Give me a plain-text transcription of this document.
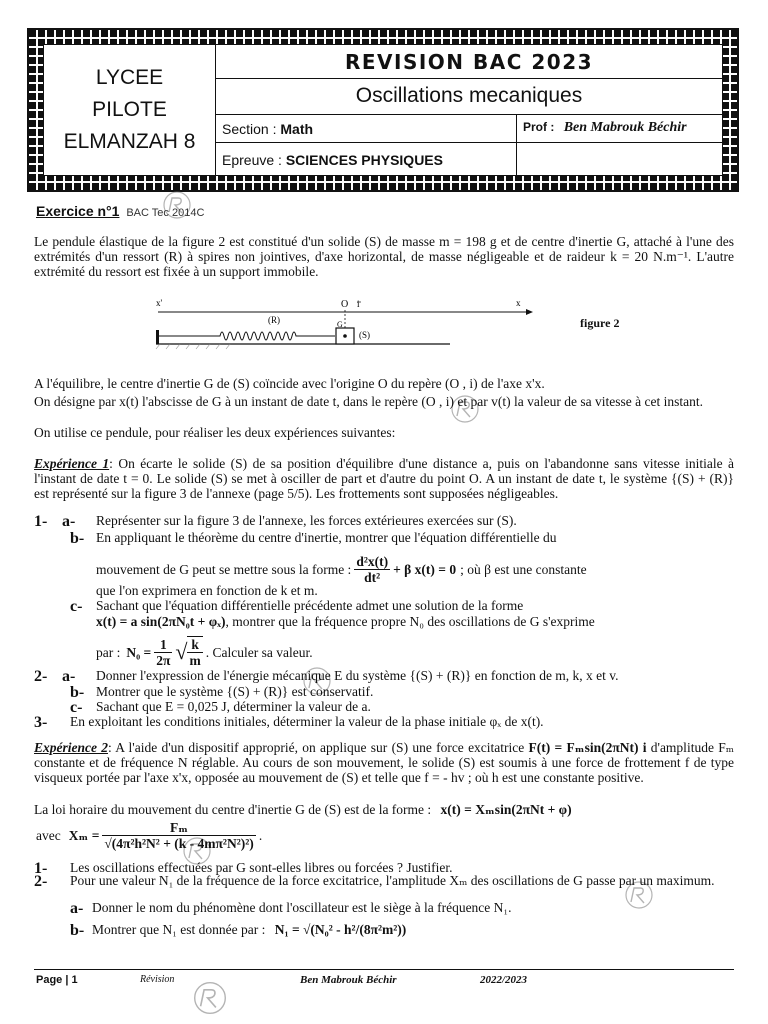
LYCEE
PILOTE
ELMANZAH 8
REVISION BAC 2023
Oscillations mecaniques
Section : Math	Prof : Ben Mabrouk Béchir
Epreuve : SCIENCES PHYSIQUES
Exercice n°1 BAC Tec 2014C
Le pendule élastique de la figure 2 est constitué d'un solide (S) de masse m = 198 g et de centre d'inertie G, attaché à l'une des extrémités d'un ressort (R) à spires non jointives, d'axe horizontal, de masse négligeable et de raideur k = 20 N.m⁻¹. L'autre extrémité du ressort est fixée à un support immobile.
x'	x
O i
(R)	G
(S)
figure 2
A l'équilibre, le centre d'inertie G de (S) coïncide avec l'origine O du repère (O , i) de l'axe x'x.
On désigne par x(t) l'abscisse de G à un instant de date t, dans le repère (O , i) et par v(t) la valeur de sa vitesse à cet instant.
On utilise ce pendule, pour réaliser les deux expériences suivantes:
Expérience 1: On écarte le solide (S) de sa position d'équilibre d'une distance a, puis on l'abandonne sans vitesse initiale à l'instant de date t = 0. Le solide (S) se met à osciller de part et d'autre du point O. A un instant de date t, le système {(S) + (R)} est représenté sur la figure 3 de l'annexe (page 5/5). Les frottements sont supposées négligeables.
1- a- Représenter sur la figure 3 de l'annexe, les forces extérieures exercées sur (S).
b- En appliquant le théorème du centre d'inertie, montrer que l'équation différentielle du
mouvement de G peut se mettre sous la forme : $\frac{\text{d²x(t)}}{\text{dt²}} + \beta$ x(t) = 0 ; où β est une constante
que l'on exprimera en fonction de k et m.
c- Sachant que l'équation différentielle précédente admet une solution de la forme
x(t) = a sin(2πN₀t + φₓ), montrer que la fréquence propre N₀ des oscillations de G s'exprime
par : $N_0 = \frac{1}{2\pi}$ √ $\frac{k}{m}$ . Calculer sa valeur.
2- a- Donner l'expression de l'énergie mécanique E du système {(S) + (R)} en fonction de m, k, x et v.
b- Montrer que le système {(S) + (R)} est conservatif.
c- Sachant que E = 0,025 J, déterminer la valeur de a.
3- En exploitant les conditions initiales, déterminer la valeur de la phase initiale φₓ de x(t).
Expérience 2: A l'aide d'un dispositif approprié, on applique sur (S) une force excitatrice F(t) = Fₘsin(2πNt) i d'amplitude Fₘ constante et de fréquence N réglable. Au cours de son mouvement, le solide (S) est soumis à une force de frottement f de type visqueux portée par l'axe x'x, opposée au mouvement de (S) et telle que f = - hv ; où h est une constante positive.
La loi horaire du mouvement du centre d'inertie G de (S) est de la forme : x(t) = Xₘsin(2πNt + φ)
avec $X_m = \frac{\text{Fₘ}}{\text{√(4π²h²N² + (k - 4mπ²N²)²)}}$ .
1- Les oscillations effectuées par G sont-elles libres ou forcées ? Justifier.
2- Pour une valeur N₁ de la fréquence de la force excitatrice, l'amplitude Xₘ des oscillations de G passe par un maximum.
a- Donner le nom du phénomène dont l'oscillateur est le siège à la fréquence N₁.
b- Montrer que N₁ est donnée par : N₁ = √(N₀² - h²/(8π²m²))
Page | 1	Révision	Ben Mabrouk Béchir	2022/2023
